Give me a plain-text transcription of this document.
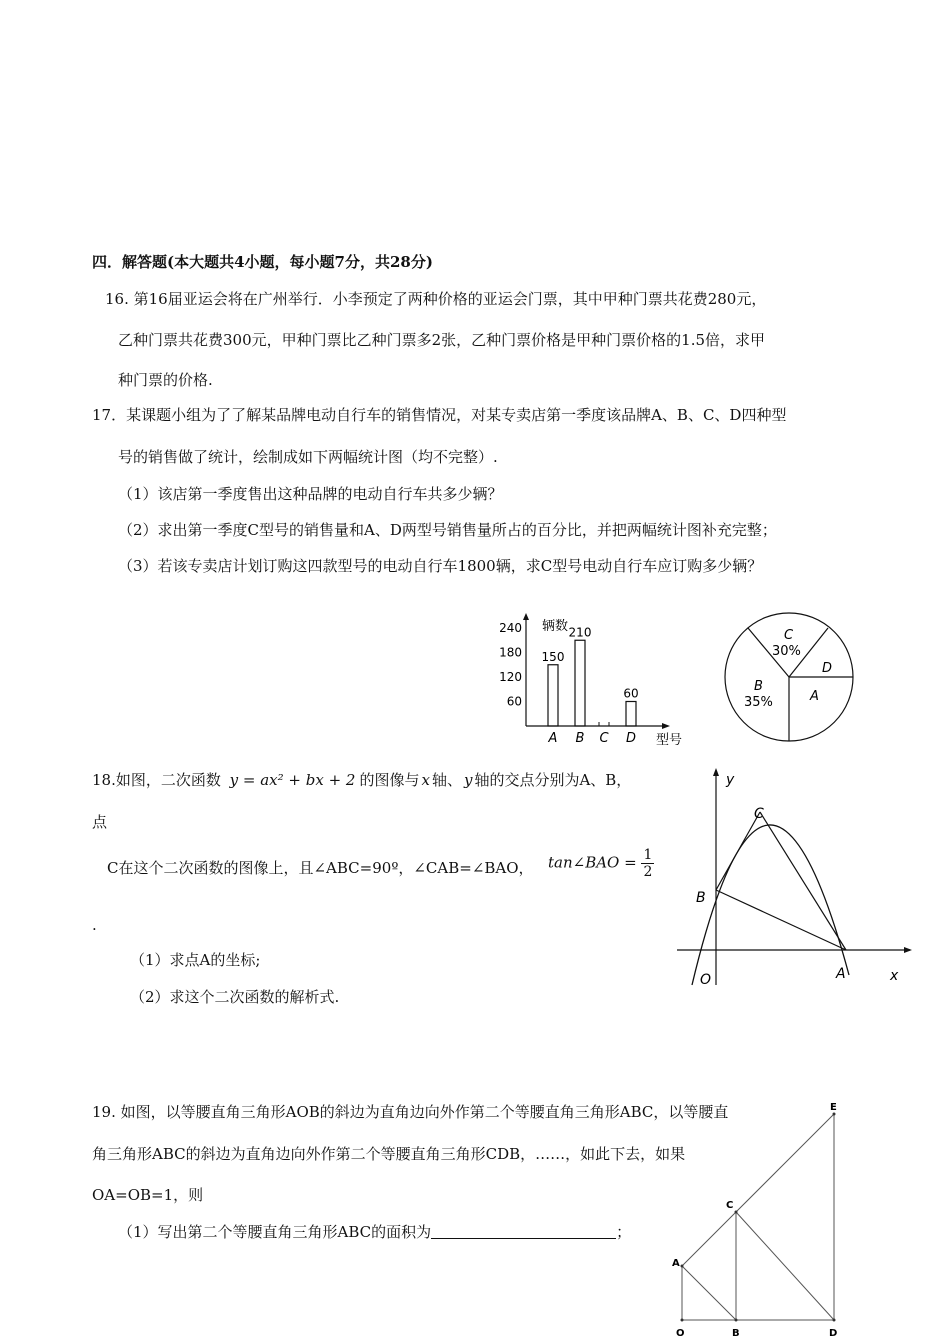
四．解答题(本大题共4小题，每小题7分，共28分)
16. 第16届亚运会将在广州举行．小李预定了两种价格的亚运会门票，其中甲种门票共花费280元，
乙种门票共花费300元，甲种门票比乙种门票多2张，乙种门票价格是甲种门票价格的1.5倍，求甲
种门票的价格.
17．某课题小组为了了解某品牌电动自行车的销售情况，对某专卖店第一季度该品牌A、B、C、D四种型
号的销售做了统计，绘制成如下两幅统计图（均不完整）.
（1）该店第一季度售出这种品牌的电动自行车共多少辆？
（2）求出第一季度C型号的销售量和A、D两型号销售量所占的百分比，并把两幅统计图补充完整；
（3）若该专卖店计划订购这四款型号的电动自行车1800辆，求C型号电动自行车应订购多少辆？
辆数
型号
60
120
180
240
150
A
210
B C
60
D
C
30%
D
A
B
35%
18.如图，二次函数 y = ax² + bx + 2 的图像与 x 轴、 y 轴的交点分别为A、B，
点
C在这个二次函数的图像上，且∠ABC=90º，∠CAB=∠BAO， tan∠BAO = $\frac{1}{2}$
.
（1）求点A的坐标;
（2）求这个二次函数的解析式.
y
x
O	A
B
C
19. 如图，以等腰直角三角形AOB的斜边为直角边向外作第二个等腰直角三角形ABC，以等腰直
角三角形ABC的斜边为直角边向外作第二个等腰直角三角形CDB，……，如此下去，如果
OA=OB=1，则
（1）写出第二个等腰直角三角形ABC的面积为	；
O
A
B
C
D
E
